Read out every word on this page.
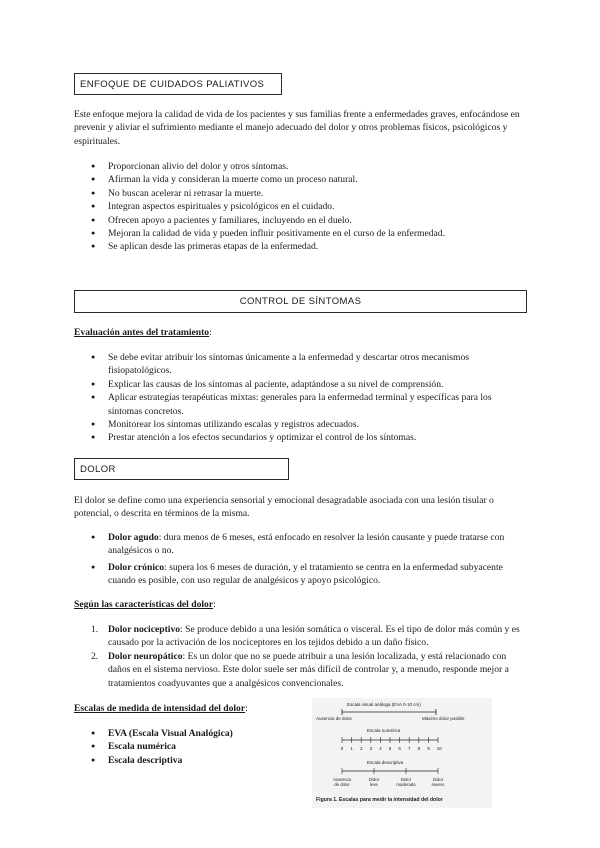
ENFOQUE DE CUIDADOS PALIATIVOS
Este enfoque mejora la calidad de vida de los pacientes y sus familias frente a enfermedades graves, enfocándose en prevenir y aliviar el sufrimiento mediante el manejo adecuado del dolor y otros problemas físicos, psicológicos y espirituales.
● Proporcionan alivio del dolor y otros síntomas.
● Afirman la vida y consideran la muerte como un proceso natural.
● No buscan acelerar ni retrasar la muerte.
● Integran aspectos espirituales y psicológicos en el cuidado.
● Ofrecen apoyo a pacientes y familiares, incluyendo en el duelo.
● Mejoran la calidad de vida y pueden influir positivamente en el curso de la enfermedad.
● Se aplican desde las primeras etapas de la enfermedad.
CONTROL DE SÍNTOMAS
Evaluación antes del tratamiento:
● Se debe evitar atribuir los síntomas únicamente a la enfermedad y descartar otros mecanismos fisiopatológicos.
● Explicar las causas de los síntomas al paciente, adaptándose a su nivel de comprensión.
● Aplicar estrategias terapéuticas mixtas: generales para la enfermedad terminal y específicas para los síntomas concretos.
● Monitorear los síntomas utilizando escalas y registros adecuados.
● Prestar atención a los efectos secundarios y optimizar el control de los síntomas.
DOLOR
El dolor se define como una experiencia sensorial y emocional desagradable asociada con una lesión tisular o potencial, o descrita en términos de la misma.
● Dolor agudo: dura menos de 6 meses, está enfocado en resolver la lesión causante y puede tratarse con analgésicos o no.
● Dolor crónico: supera los 6 meses de duración, y el tratamiento se centra en la enfermedad subyacente cuando es posible, con uso regular de analgésicos y apoyo psicológico.
Según las características del dolor:
1. Dolor nociceptivo: Se produce debido a una lesión somática o visceral. Es el tipo de dolor más común y es causado por la activación de los nociceptores en los tejidos debido a un daño físico.
2. Dolor neuropático: Es un dolor que no se puede atribuir a una lesión localizada, y está relacionado con daños en el sistema nervioso. Este dolor suele ser más difícil de controlar y, a menudo, responde mejor a tratamientos coadyuvantes que a analgésicos convencionales.
Escalas de medida de intensidad del dolor:
● EVA (Escala Visual Analógica)
● Escala numérica
● Escala descriptiva
Escala visual análoga (EVA 0-10 cm)
Ausencia de dolor	Máximo dolor posible
Escala numérica
0 1 2 3 4 5 6 7 8 9 10
Escala descriptiva
Ausencia
de dolor
Dolor
leve
Dolor
moderado
Dolor
severo
Figura 1. Escalas para medir la intensidad del dolor
